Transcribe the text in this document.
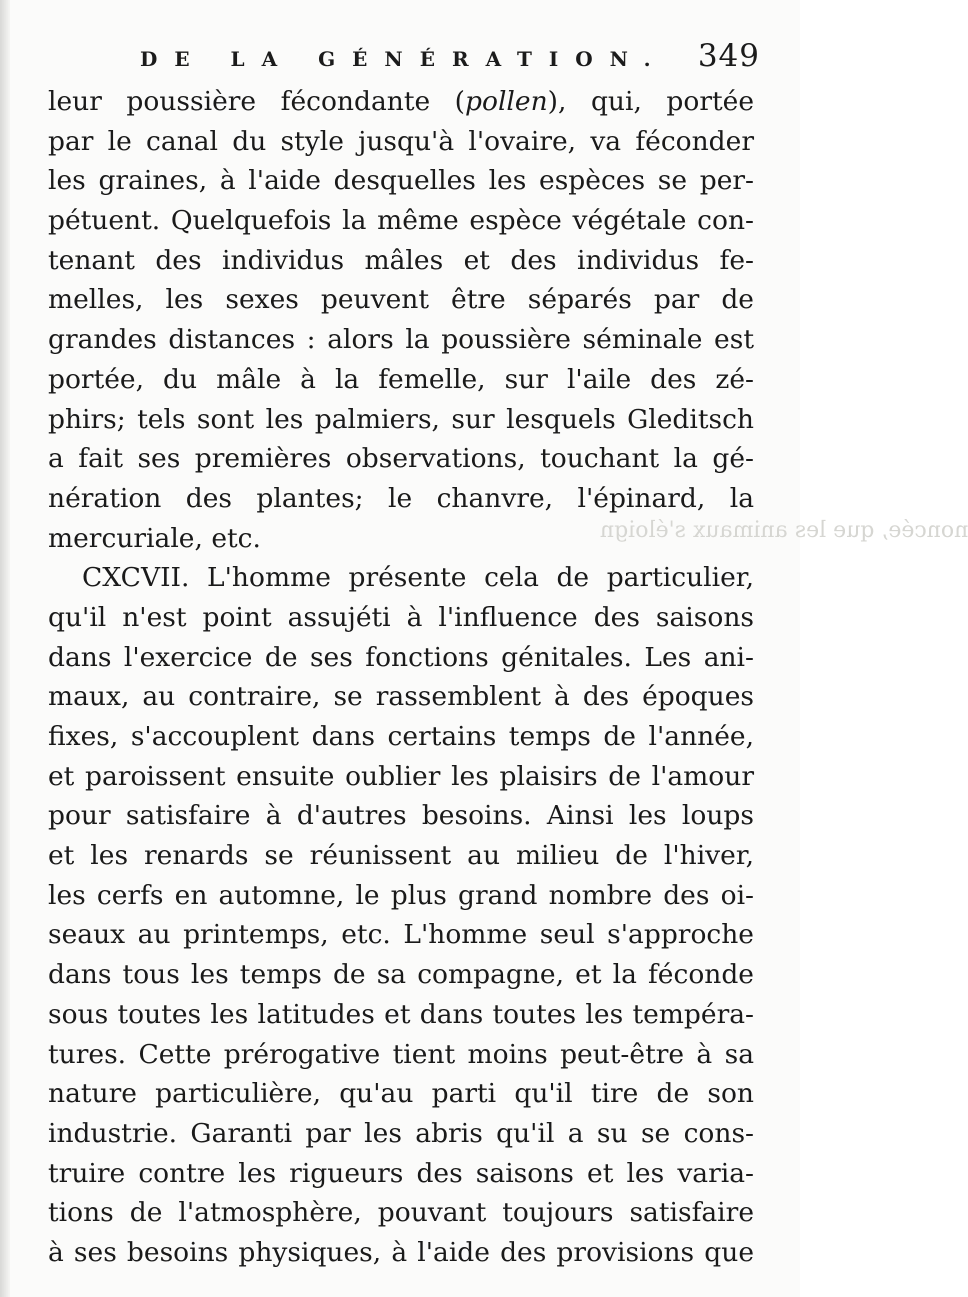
noncée, que les animaux s'éloign
DE LA GÉNÉRATION. 349
leur poussière fécondante (pollen), qui, portée
par le canal du style jusqu'à l'ovaire, va féconder
les graines, à l'aide desquelles les espèces se per-
pétuent. Quelquefois la même espèce végétale con-
tenant des individus mâles et des individus fe-
melles, les sexes peuvent être séparés par de
grandes distances : alors la poussière séminale est
portée, du mâle à la femelle, sur l'aile des zé-
phirs; tels sont les palmiers, sur lesquels Gleditsch
a fait ses premières observations, touchant la gé-
nération des plantes; le chanvre, l'épinard, la
mercuriale, etc.
CXCVII. L'homme présente cela de particulier,
qu'il n'est point assujéti à l'influence des saisons
dans l'exercice de ses fonctions génitales. Les ani-
maux, au contraire, se rassemblent à des époques
fixes, s'accouplent dans certains temps de l'année,
et paroissent ensuite oublier les plaisirs de l'amour
pour satisfaire à d'autres besoins. Ainsi les loups
et les renards se réunissent au milieu de l'hiver,
les cerfs en automne, le plus grand nombre des oi-
seaux au printemps, etc. L'homme seul s'approche
dans tous les temps de sa compagne, et la féconde
sous toutes les latitudes et dans toutes les tempéra-
tures. Cette prérogative tient moins peut-être à sa
nature particulière, qu'au parti qu'il tire de son
industrie. Garanti par les abris qu'il a su se cons-
truire contre les rigueurs des saisons et les varia-
tions de l'atmosphère, pouvant toujours satisfaire
à ses besoins physiques, à l'aide des provisions que
